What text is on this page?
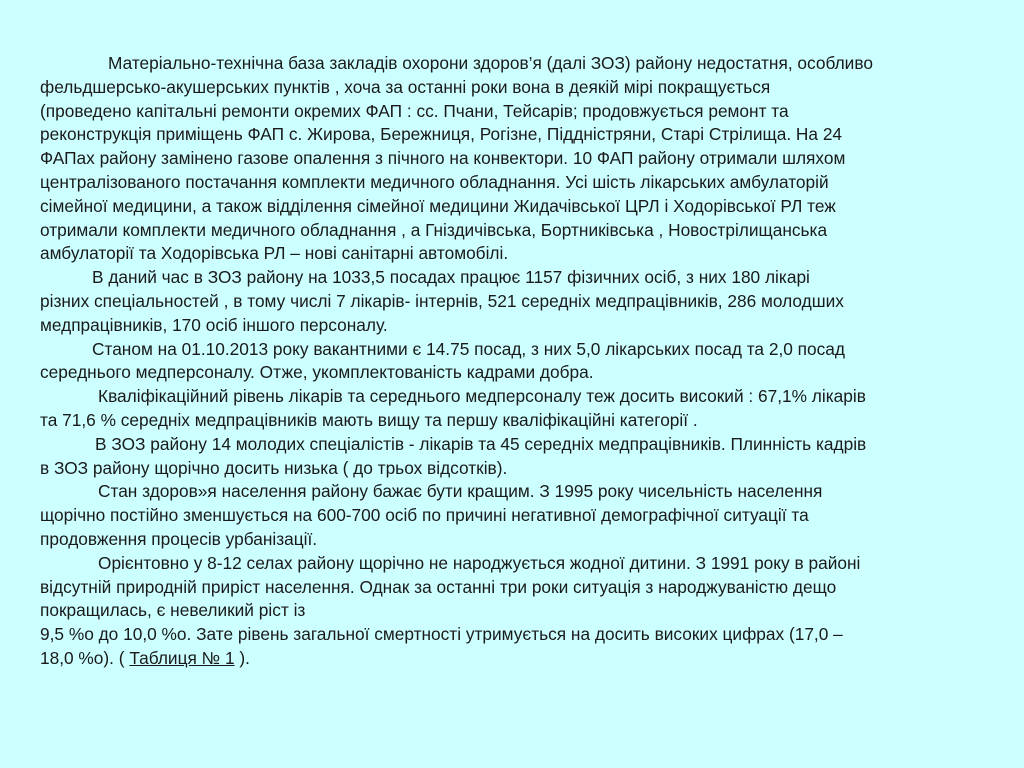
Матеріально-технічна база закладів охорони здоров’я (далі ЗОЗ) району недостатня, особливо
фельдшерсько-акушерських пунктів , хоча за останні роки вона в деякій мірі покращується
(проведено капітальні ремонти окремих ФАП : сс. Пчани, Тейсарів; продовжується ремонт та
реконструкція приміщень ФАП с. Жирова, Бережниця, Рогізне, Піддністряни, Старі Стрілища. На 24
ФАПах району замінено газове опалення з пічного на конвектори. 10 ФАП району отримали шляхом
централізованого постачання комплекти медичного обладнання. Усі шість лікарських амбулаторій
сімейної медицини, а також відділення сімейної медицини Жидачівської ЦРЛ і Ходорівської РЛ теж
отримали комплекти медичного обладнання , а Гніздичівська, Бортниківська , Новострілищанська
амбулаторії та Ходорівська РЛ – нові санітарні автомобілі.
В даний час в ЗОЗ району на 1033,5 посадах працює 1157 фізичних осіб, з них 180 лікарі
різних спеціальностей , в тому числі 7 лікарів- інтернів, 521 середніх медпрацівників, 286 молодших
медпрацівників, 170 осіб іншого персоналу.
Станом на 01.10.2013 року вакантними є 14.75 посад, з них 5,0 лікарських посад та 2,0 посад
середнього медперсоналу. Отже, укомплектованість кадрами добра.
Кваліфікаційний рівень лікарів та середнього медперсоналу теж досить високий : 67,1% лікарів
та 71,6 % середніх медпрацівників мають вищу та першу кваліфікаційні категорії .
В ЗОЗ району 14 молодих спеціалістів - лікарів та 45 середніх медпрацівників. Плинність кадрів
в ЗОЗ району щорічно досить низька ( до трьох відсотків).
Стан здоров»я населення району бажає бути кращим. З 1995 року чисельність населення
щорічно постійно зменшується на 600-700 осіб по причині негативної демографічної ситуації та
продовження процесів урбанізації.
Орієнтовно у 8-12 селах району щорічно не народжується жодної дитини. З 1991 року в районі
відсутній природній приріст населення. Однак за останні три роки ситуація з народжуваністю дещо
покращилась, є невеликий ріст із
9,5 %о до 10,0 %о. Зате рівень загальної смертності утримується на досить високих цифрах (17,0 –
18,0 %о). ( Таблиця № 1 ).
